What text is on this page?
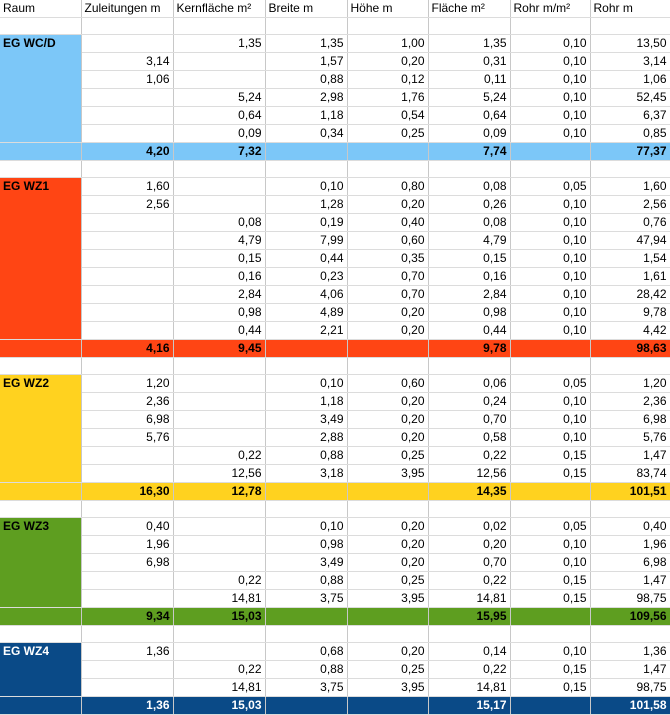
Raum	Zuleitungen m	Kernfläche m²	Breite m	Höhe m	Fläche m²	Rohr m/m²	Rohr m

EG WC/D		1,35	1,35	1,00	1,35	0,10	13,50
	3,14		1,57	0,20	0,31	0,10	3,14
	1,06		0,88	0,12	0,11	0,10	1,06
		5,24	2,98	1,76	5,24	0,10	52,45
		0,64	1,18	0,54	0,64	0,10	6,37
		0,09	0,34	0,25	0,09	0,10	0,85
	4,20	7,32			7,74		77,37

EG WZ1	1,60		0,10	0,80	0,08	0,05	1,60
	2,56		1,28	0,20	0,26	0,10	2,56
		0,08	0,19	0,40	0,08	0,10	0,76
		4,79	7,99	0,60	4,79	0,10	47,94
		0,15	0,44	0,35	0,15	0,10	1,54
		0,16	0,23	0,70	0,16	0,10	1,61
		2,84	4,06	0,70	2,84	0,10	28,42
		0,98	4,89	0,20	0,98	0,10	9,78
		0,44	2,21	0,20	0,44	0,10	4,42
	4,16	9,45			9,78		98,63

EG WZ2	1,20		0,10	0,60	0,06	0,05	1,20
	2,36		1,18	0,20	0,24	0,10	2,36
	6,98		3,49	0,20	0,70	0,10	6,98
	5,76		2,88	0,20	0,58	0,10	5,76
		0,22	0,88	0,25	0,22	0,15	1,47
		12,56	3,18	3,95	12,56	0,15	83,74
	16,30	12,78			14,35		101,51

EG WZ3	0,40		0,10	0,20	0,02	0,05	0,40
	1,96		0,98	0,20	0,20	0,10	1,96
	6,98		3,49	0,20	0,70	0,10	6,98
		0,22	0,88	0,25	0,22	0,15	1,47
		14,81	3,75	3,95	14,81	0,15	98,75
	9,34	15,03			15,95		109,56

EG WZ4	1,36		0,68	0,20	0,14	0,10	1,36
		0,22	0,88	0,25	0,22	0,15	1,47
		14,81	3,75	3,95	14,81	0,15	98,75
	1,36	15,03			15,17		101,58
